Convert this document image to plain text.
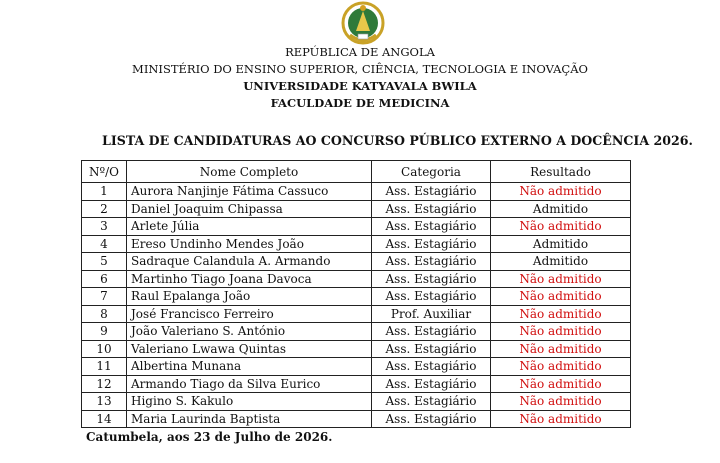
REPÚBLICA DE ANGOLA
MINISTÉRIO DO ENSINO SUPERIOR, CIÊNCIA, TECNOLOGIA E INOVAÇÃO
UNIVERSIDADE KATYAVALA BWILA
FACULDADE DE MEDICINA
LISTA DE CANDIDATURAS AO CONCURSO PÚBLICO EXTERNO A DOCÊNCIA 2026.
Nº/O	Nome Completo	Categoria	Resultado
1	Aurora Nanjinje Fátima Cassuco	Ass. Estagiário	Não admitido
2	Daniel Joaquim Chipassa	Ass. Estagiário	Admitido
3	Arlete Júlia	Ass. Estagiário	Não admitido
4	Ereso Undinho Mendes João	Ass. Estagiário	Admitido
5	Sadraque Calandula A. Armando	Ass. Estagiário	Admitido
6	Martinho Tiago Joana Davoca	Ass. Estagiário	Não admitido
7	Raul Epalanga João	Ass. Estagiário	Não admitido
8	José Francisco Ferreiro	Prof. Auxiliar	Não admitido
9	João Valeriano S. António	Ass. Estagiário	Não admitido
10	Valeriano Lwawa Quintas	Ass. Estagiário	Não admitido
11	Albertina Munana	Ass. Estagiário	Não admitido
12	Armando Tiago da Silva Eurico	Ass. Estagiário	Não admitido
13	Higino S. Kakulo	Ass. Estagiário	Não admitido
14	Maria Laurinda Baptista	Ass. Estagiário	Não admitido
Catumbela, aos 23 de Julho de 2026.
